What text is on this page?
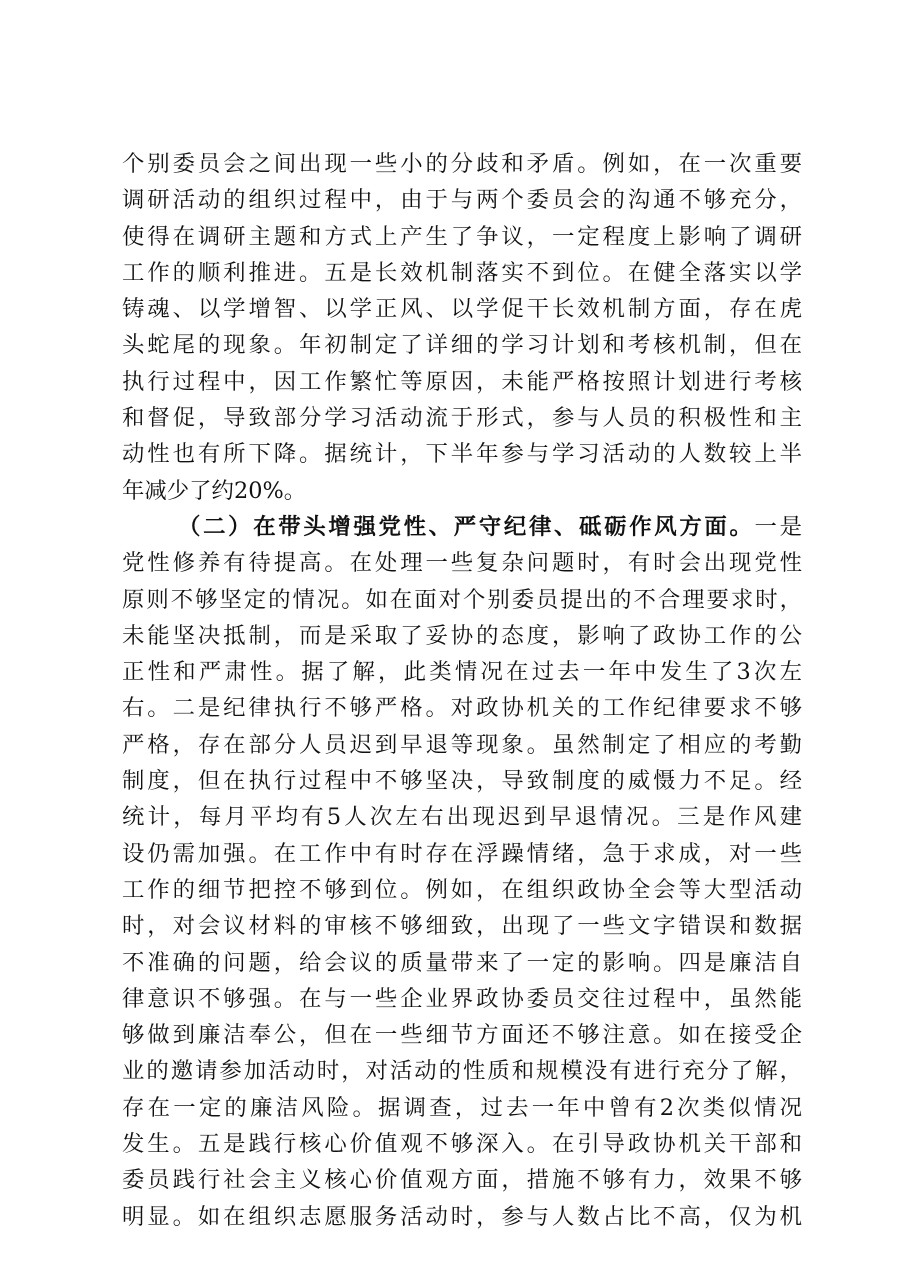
个别委员会之间出现一些小的分歧和矛盾。例如，在一次重要
调研活动的组织过程中，由于与两个委员会的沟通不够充分，
使得在调研主题和方式上产生了争议，一定程度上影响了调研
工作的顺利推进。五是长效机制落实不到位。在健全落实以学
铸魂、以学增智、以学正风、以学促干长效机制方面，存在虎
头蛇尾的现象。年初制定了详细的学习计划和考核机制，但在
执行过程中，因工作繁忙等原因，未能严格按照计划进行考核
和督促，导致部分学习活动流于形式，参与人员的积极性和主
动性也有所下降。据统计，下半年参与学习活动的人数较上半
年减少了约20%。
（二）在带头增强党性、严守纪律、砥砺作风方面。一是
党性修养有待提高。在处理一些复杂问题时，有时会出现党性
原则不够坚定的情况。如在面对个别委员提出的不合理要求时，
未能坚决抵制，而是采取了妥协的态度，影响了政协工作的公
正性和严肃性。据了解，此类情况在过去一年中发生了3次左
右。二是纪律执行不够严格。对政协机关的工作纪律要求不够
严格，存在部分人员迟到早退等现象。虽然制定了相应的考勤
制度，但在执行过程中不够坚决，导致制度的威慑力不足。经
统计，每月平均有5人次左右出现迟到早退情况。三是作风建
设仍需加强。在工作中有时存在浮躁情绪，急于求成，对一些
工作的细节把控不够到位。例如，在组织政协全会等大型活动
时，对会议材料的审核不够细致，出现了一些文字错误和数据
不准确的问题，给会议的质量带来了一定的影响。四是廉洁自
律意识不够强。在与一些企业界政协委员交往过程中，虽然能
够做到廉洁奉公，但在一些细节方面还不够注意。如在接受企
业的邀请参加活动时，对活动的性质和规模没有进行充分了解，
存在一定的廉洁风险。据调查，过去一年中曾有2次类似情况
发生。五是践行核心价值观不够深入。在引导政协机关干部和
委员践行社会主义核心价值观方面，措施不够有力，效果不够
明显。如在组织志愿服务活动时，参与人数占比不高，仅为机
